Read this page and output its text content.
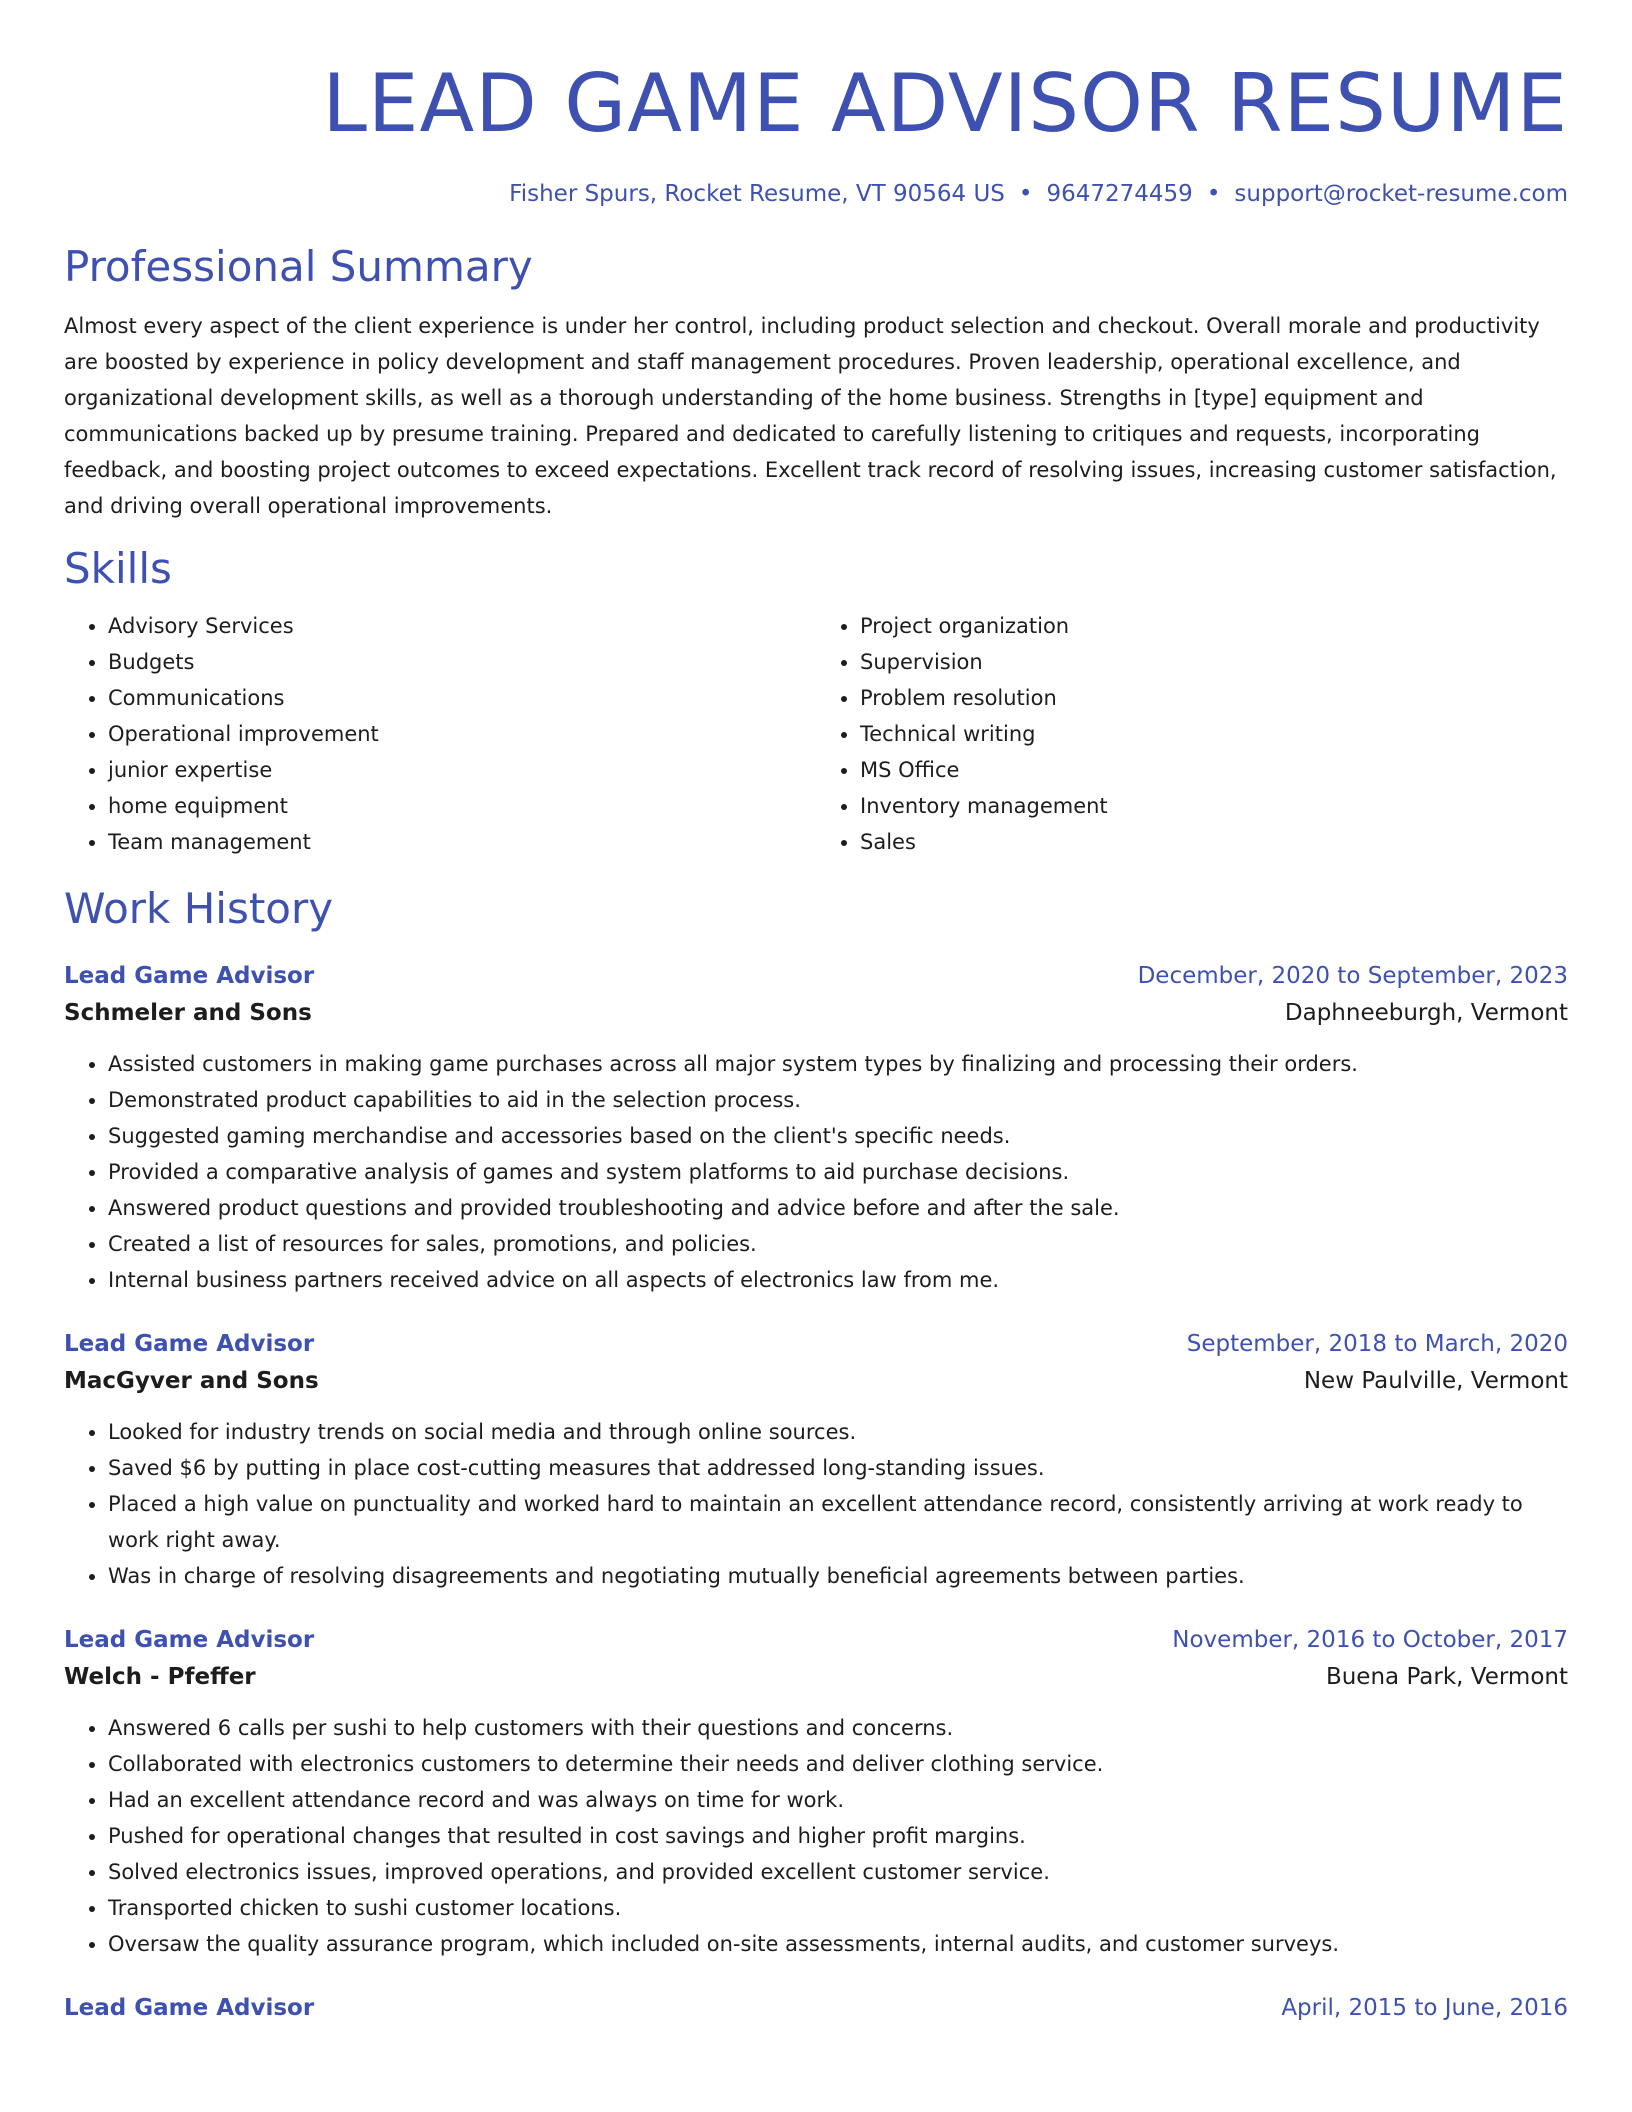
LEAD GAME ADVISOR RESUME
Fisher Spurs, Rocket Resume, VT 90564 US • 9647274459 • support@rocket-resume.com
Professional Summary
Almost every aspect of the client experience is under her control, including product selection and checkout. Overall morale and productivity are boosted by experience in policy development and staff management procedures. Proven leadership, operational excellence, and organizational development skills, as well as a thorough understanding of the home business. Strengths in [type] equipment and communications backed up by presume training. Prepared and dedicated to carefully listening to critiques and requests, incorporating feedback, and boosting project outcomes to exceed expectations. Excellent track record of resolving issues, increasing customer satisfaction, and driving overall operational improvements.
Skills
• Advisory Services
• Budgets
• Communications
• Operational improvement
• junior expertise
• home equipment
• Team management
• Project organization
• Supervision
• Problem resolution
• Technical writing
• MS Office
• Inventory management
• Sales
Work History
Lead Game Advisor	December, 2020 to September, 2023
Schmeler and Sons	Daphneeburgh, Vermont
• Assisted customers in making game purchases across all major system types by finalizing and processing their orders.
• Demonstrated product capabilities to aid in the selection process.
• Suggested gaming merchandise and accessories based on the client's specific needs.
• Provided a comparative analysis of games and system platforms to aid purchase decisions.
• Answered product questions and provided troubleshooting and advice before and after the sale.
• Created a list of resources for sales, promotions, and policies.
• Internal business partners received advice on all aspects of electronics law from me.
Lead Game Advisor	September, 2018 to March, 2020
MacGyver and Sons	New Paulville, Vermont
• Looked for industry trends on social media and through online sources.
• Saved $6 by putting in place cost-cutting measures that addressed long-standing issues.
• Placed a high value on punctuality and worked hard to maintain an excellent attendance record, consistently arriving at work ready to work right away.
• Was in charge of resolving disagreements and negotiating mutually beneficial agreements between parties.
Lead Game Advisor	November, 2016 to October, 2017
Welch - Pfeffer	Buena Park, Vermont
• Answered 6 calls per sushi to help customers with their questions and concerns.
• Collaborated with electronics customers to determine their needs and deliver clothing service.
• Had an excellent attendance record and was always on time for work.
• Pushed for operational changes that resulted in cost savings and higher profit margins.
• Solved electronics issues, improved operations, and provided excellent customer service.
• Transported chicken to sushi customer locations.
• Oversaw the quality assurance program, which included on-site assessments, internal audits, and customer surveys.
Lead Game Advisor	April, 2015 to June, 2016
